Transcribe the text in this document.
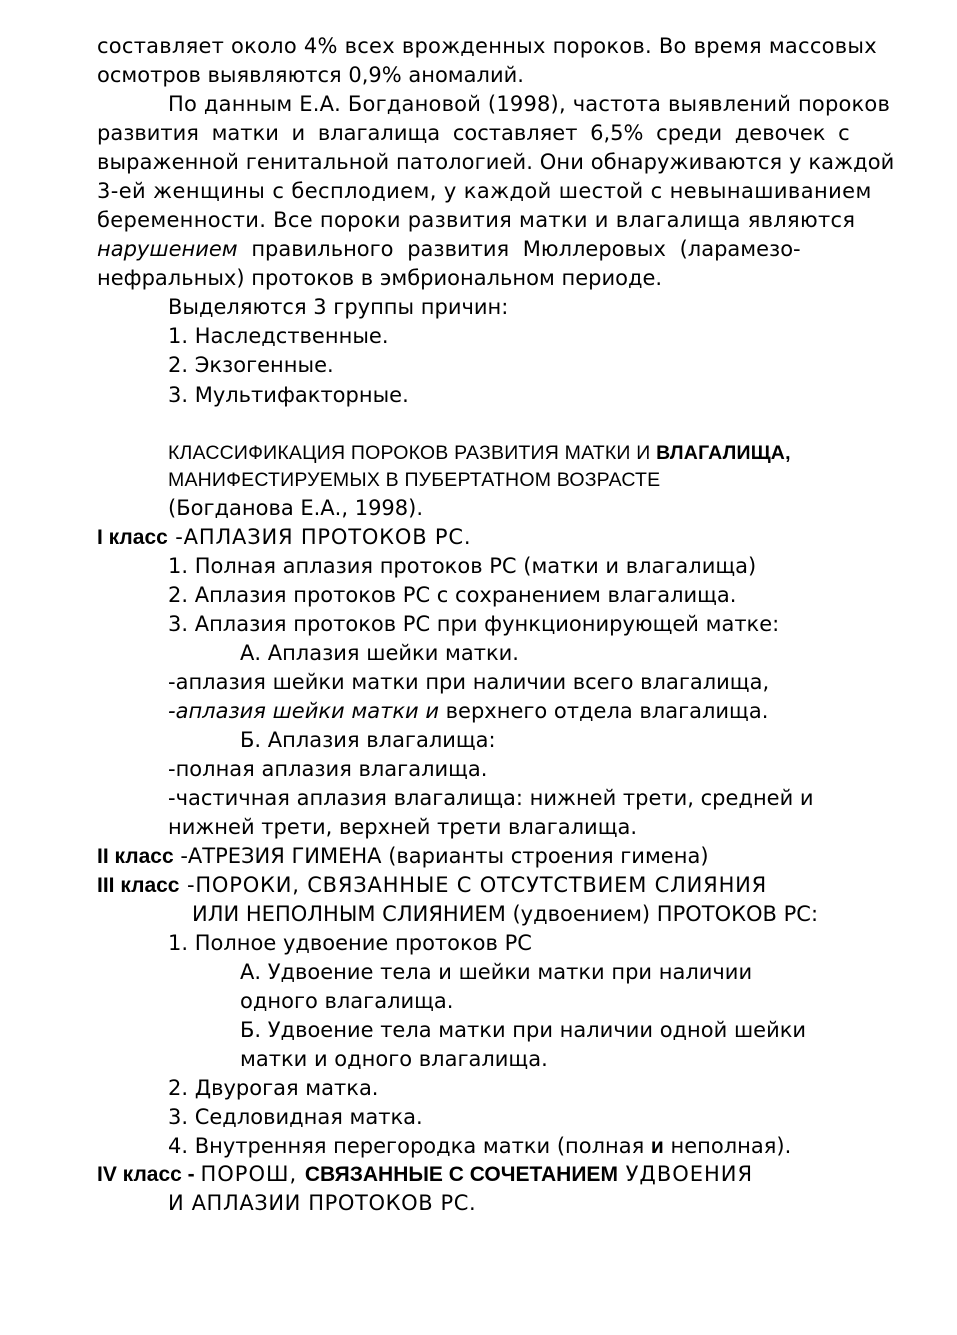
составляет около 4% всех врожденных пороков. Во время массовых
осмотров выявляются 0,9% аномалий.
По данным Е.А. Богдановой (1998), частота выявлений пороков
развития матки и влагалища составляет 6,5% среди девочек с
выраженной генитальной патологией. Они обнаруживаются у каждой
3-ей женщины с бесплодием, у каждой шестой с невынашиванием
беременности. Все пороки развития матки и влагалища являются
нарушением правильного развития Мюллеровых (ларамезо-
нефральных) протоков в эмбриональном периоде.
Выделяются 3 группы причин:
1. Наследственные.
2. Экзогенные.
3. Мультифакторные.
КЛАССИФИКАЦИЯ ПОРОКОВ РАЗВИТИЯ МАТКИ И ВЛАГАЛИЩА,
МАНИФЕСТИРУЕМЫХ В ПУБЕРТАТНОМ ВОЗРАСТЕ
(Богданова Е.А., 1998).
I класс -АПЛАЗИЯ ПРОТОКОВ РС.
1. Полная аплазия протоков РС (матки и влагалища)
2. Аплазия протоков РС с сохранением влагалища.
3. Аплазия протоков РС при функционирующей матке:
А. Аплазия шейки матки.
-аплазия шейки матки при наличии всего влагалища,
-аплазия шейки матки и верхнего отдела влагалища.
Б. Аплазия влагалища:
-полная аплазия влагалища.
-частичная аплазия влагалища: нижней трети, средней и
нижней трети, верхней трети влагалища.
II класс -АТРЕЗИЯ ГИМЕНА (варианты строения гимена)
III класс -ПОРОКИ, СВЯЗАННЫЕ С ОТСУТСТВИЕМ СЛИЯНИЯ
ИЛИ НЕПОЛНЫМ СЛИЯНИЕМ (удвоением) ПРОТОКОВ РС:
1. Полное удвоение протоков РС
А. Удвоение тела и шейки матки при наличии
одного влагалища.
Б. Удвоение тела матки при наличии одной шейки
матки и одного влагалища.
2. Двурогая матка.
3. Седловидная матка.
4. Внутренняя перегородка матки (полная и неполная).
IV класс - ПОРОШ, СВЯЗАННЫЕ С СОЧЕТАНИЕМ УДВОЕНИЯ
И АПЛАЗИИ ПРОТОКОВ РС.
